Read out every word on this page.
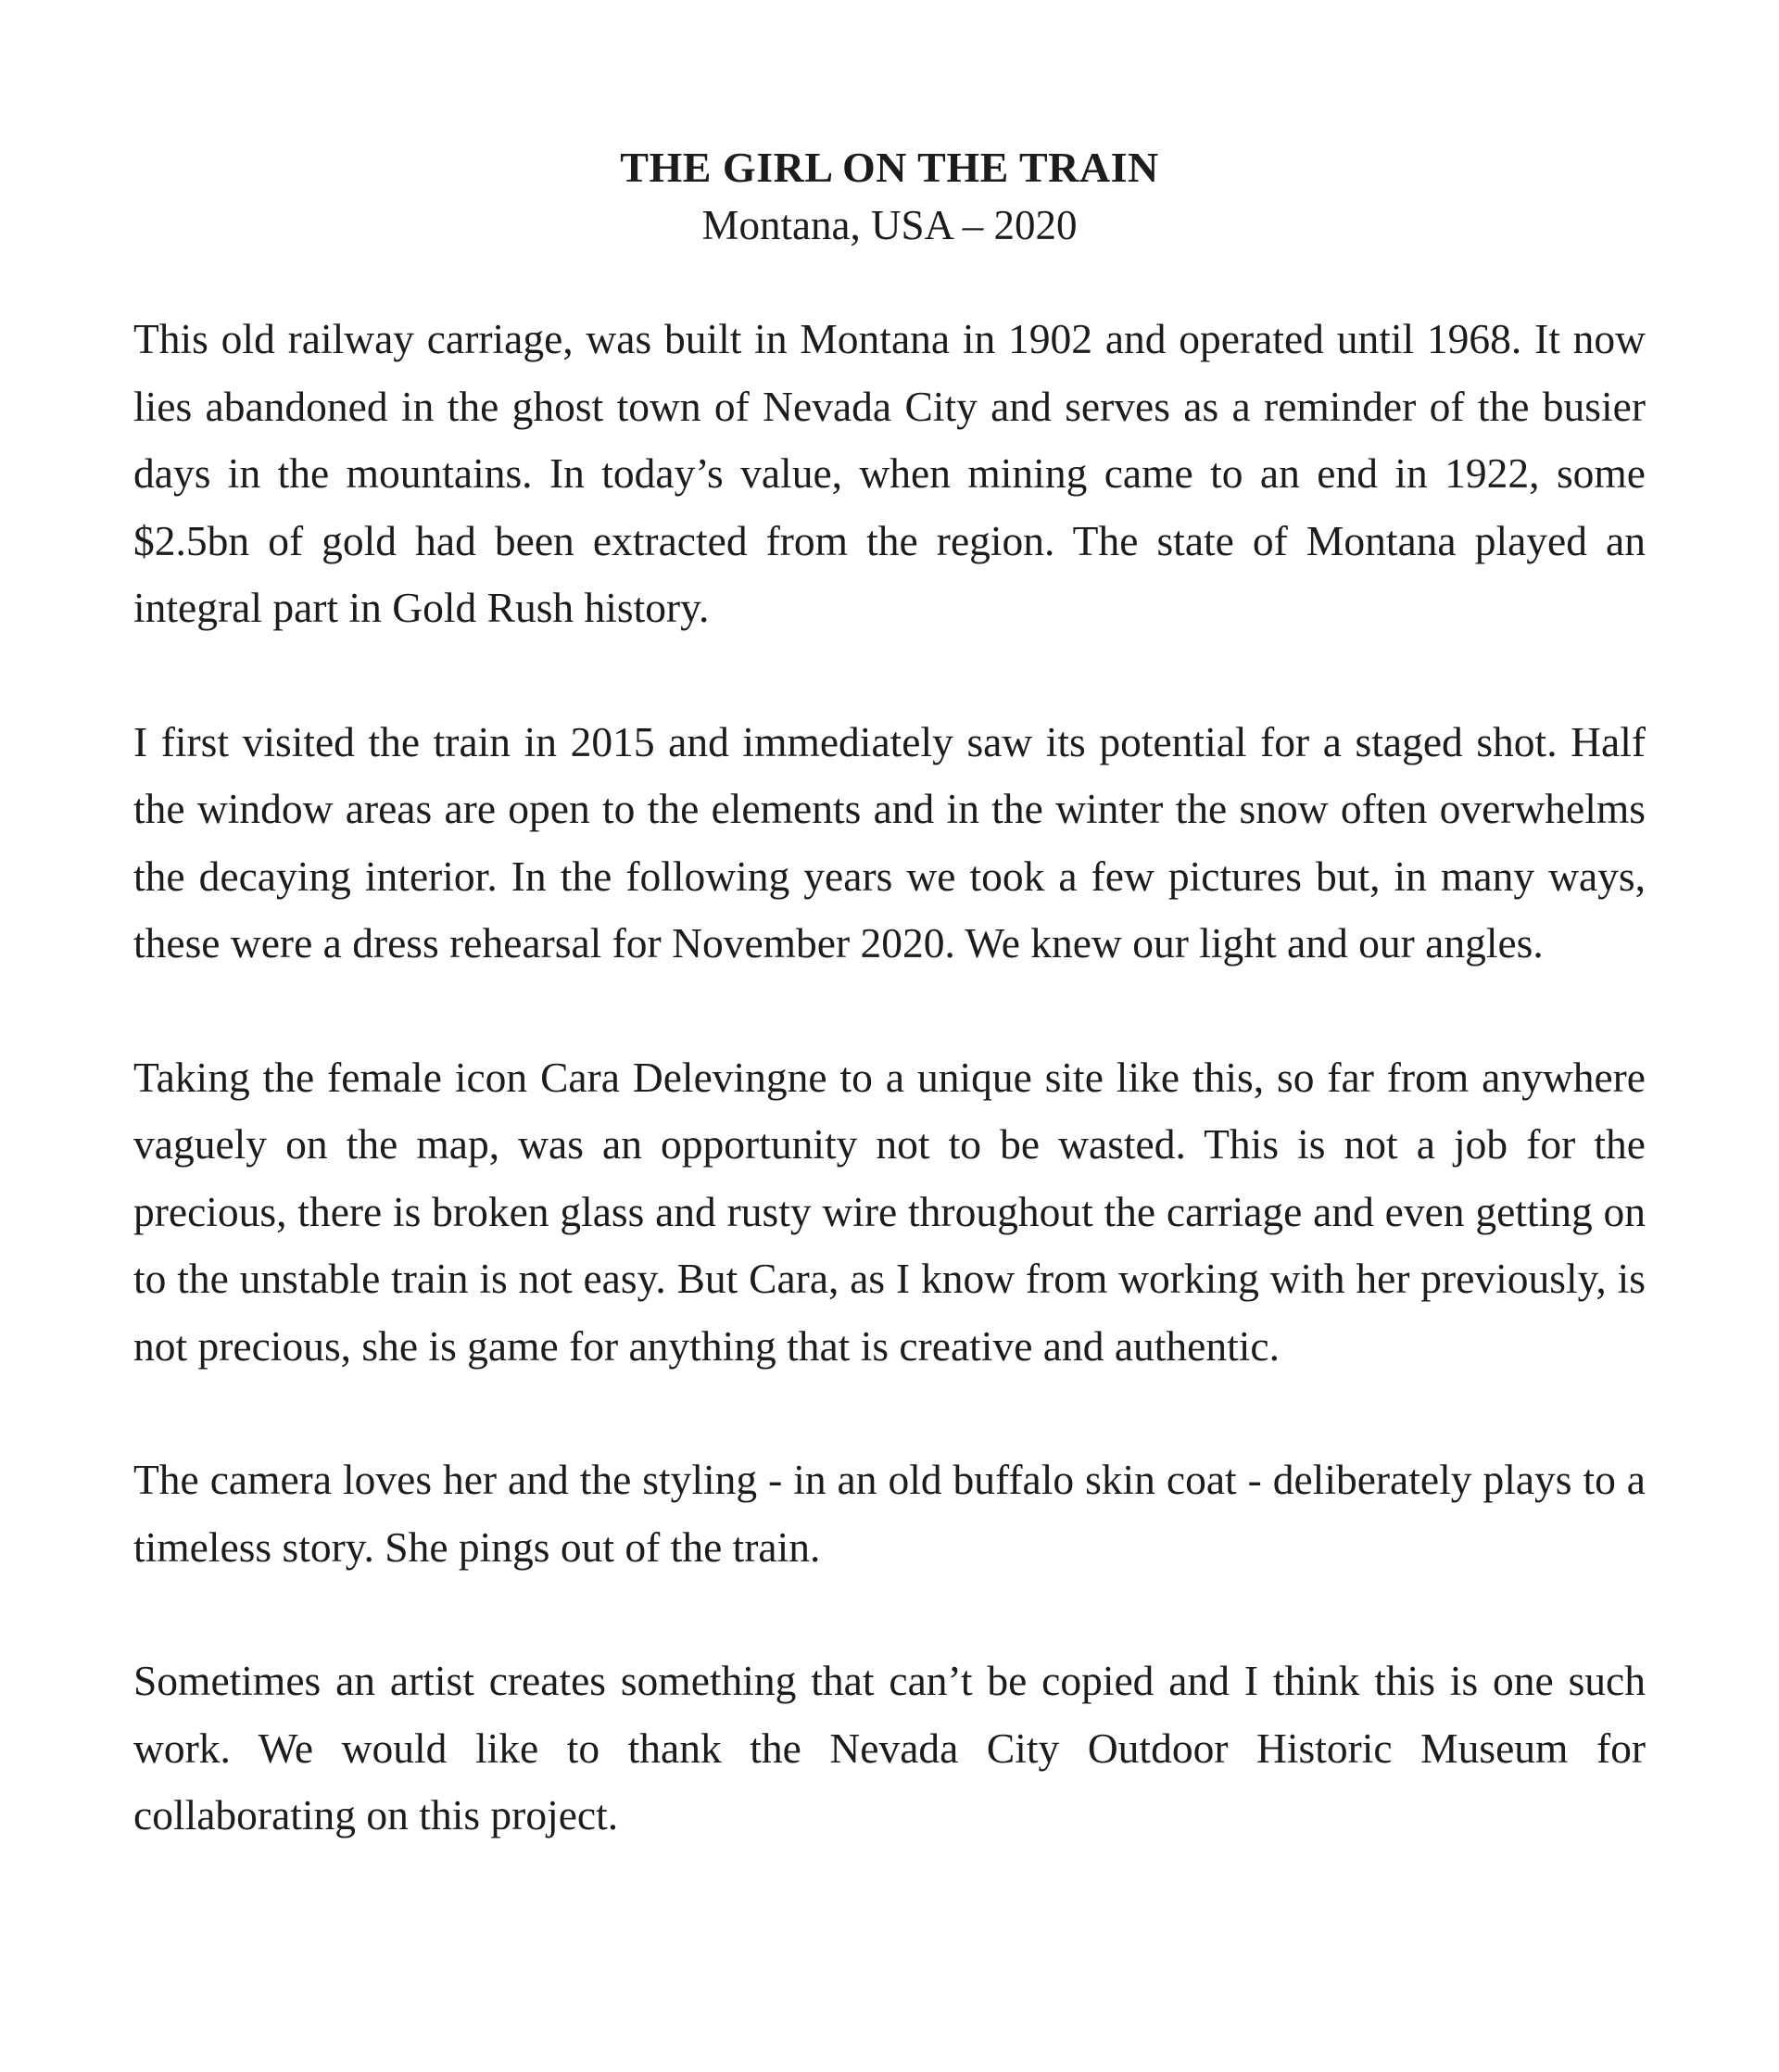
THE GIRL ON THE TRAIN
Montana, USA – 2020

This old railway carriage, was built in Montana in 1902 and operated until 1968. It now lies abandoned in the ghost town of Nevada City and serves as a reminder of the busier days in the mountains. In today’s value, when mining came to an end in 1922, some $2.5bn of gold had been extracted from the region. The state of Montana played an integral part in Gold Rush history.

I first visited the train in 2015 and immediately saw its potential for a staged shot. Half the window areas are open to the elements and in the winter the snow often overwhelms the decaying interior. In the following years we took a few pictures but, in many ways, these were a dress rehearsal for November 2020. We knew our light and our angles.

Taking the female icon Cara Delevingne to a unique site like this, so far from anywhere vaguely on the map, was an opportunity not to be wasted. This is not a job for the precious, there is broken glass and rusty wire throughout the carriage and even getting on to the unstable train is not easy. But Cara, as I know from working with her previously, is not precious, she is game for anything that is creative and authentic.

The camera loves her and the styling - in an old buffalo skin coat - deliberately plays to a timeless story. She pings out of the train.

Sometimes an artist creates something that can’t be copied and I think this is one such work. We would like to thank the Nevada City Outdoor Historic Museum for collaborating on this project.
